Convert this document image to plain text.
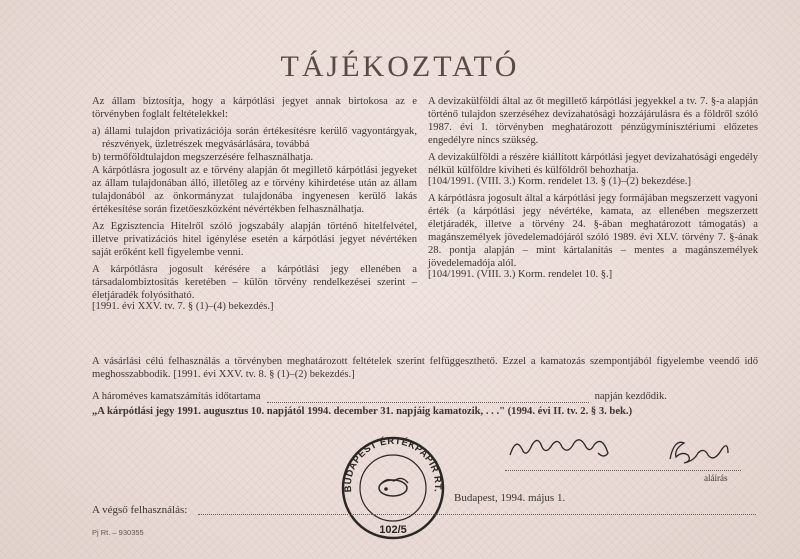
TÁJÉKOZTATÓ

Az állam biztosítja, hogy a kárpótlási jegyet annak birtokosa az e törvényben foglalt feltételekkel:

a) állami tulajdon privatizációja során értékesítésre kerülő vagyontárgyak, részvények, üzletrészek megvásárlására, továbbá

b) termőföldtulajdon megszerzésére felhasználhatja.

A kárpótlásra jogosult az e törvény alapján őt megillető kárpótlási jegyeket az állam tulajdonában álló, illetőleg az e törvény kihirdetése után az állam tulajdonából az önkormányzat tulajdonába ingyenesen kerülő lakás értékesítése során fizetőeszközként névértékben felhasználhatja.

Az Egzisztencia Hitelről szóló jogszabály alapján történő hitelfelvétel, illetve privatizációs hitel igénylése esetén a kárpótlási jegyet névértéken saját erőként kell figyelembe venni.

A kárpótlásra jogosult kérésére a kárpótlási jegy ellenében a társadalombiztosítás keretében – külön törvény rendelkezései szerint – életjáradék folyósítható.

[1991. évi XXV. tv. 7. § (1)–(4) bekezdés.]

A devizakülföldi által az őt megillető kárpótlási jegyekkel a tv. 7. §-a alapján történő tulajdon szerzéséhez devizahatósági hozzájárulásra és a földről szóló 1987. évi I. törvényben meghatározott pénzügyminisztériumi előzetes engedélyre nincs szükség.

A devizakülföldi a részére kiállított kárpótlási jegyet devizahatósági engedély nélkül külföldre kiviheti és külföldről behozhatja.

[104/1991. (VIII. 3.) Korm. rendelet 13. § (1)–(2) bekezdése.]

A kárpótlásra jogosult által a kárpótlási jegy formájában megszerzett vagyoni érték (a kárpótlási jegy névértéke, kamata, az ellenében megszerzett életjáradék, illetve a törvény 24. §-ában meghatározott támogatás) a magánszemélyek jövedelemadójáról szóló 1989. évi XLV. törvény 7. §-ának 28. pontja alapján – mint kártalanítás – mentes a magánszemélyek jövedelemadója alól.

[104/1991. (VIII. 3.) Korm. rendelet 10. §.]

A vásárlási célú felhasználás a törvényben meghatározott feltételek szerint felfüggeszthető. Ezzel a kamatozás szempontjából figyelembe veendő idő meghosszabbodik. [1991. évi XXV. tv. 8. § (1)–(2) bekezdés.]
A hároméves kamatszámítás időtartama	napján kezdődik.
„A kárpótlási jegy 1991. augusztus 10. napjától 1994. december 31. napjáig kamatozik, . . ." (1994. évi II. tv. 2. § 3. bek.)
BUDAPEST ÉRTÉKPAPÍR RT.
102/5
aláírás
Budapest, 1994. május 1.
A végső felhasználás:
Pj Rt. – 930355
